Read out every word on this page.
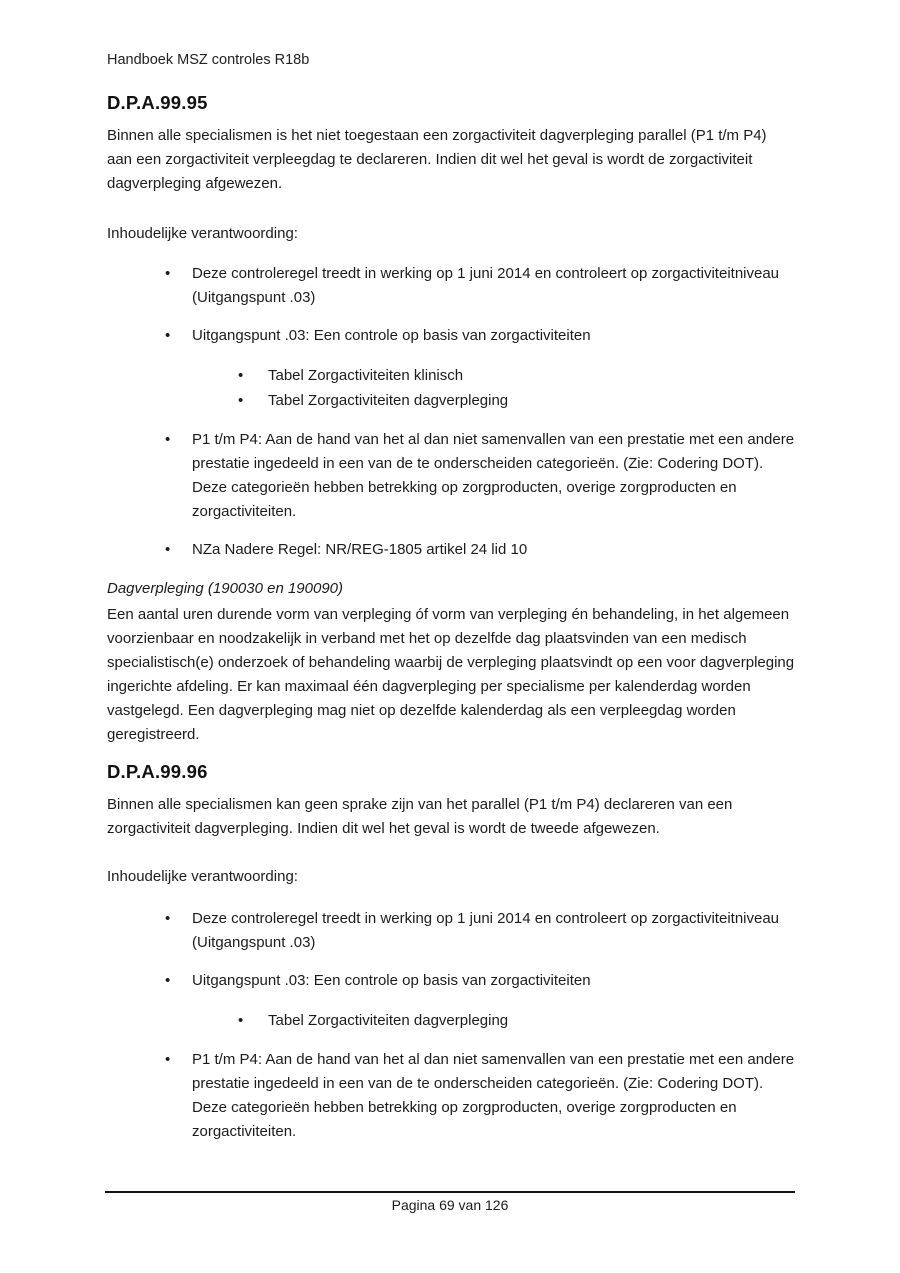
Handboek MSZ controles R18b
D.P.A.99.95

Binnen alle specialismen is het niet toegestaan een zorgactiviteit dagverpleging parallel (P1 t/m P4) aan een zorgactiviteit verpleegdag te declareren. Indien dit wel het geval is wordt de zorgactiviteit dagverpleging afgewezen.

Inhoudelijke verantwoording:

•	Deze controleregel treedt in werking op 1 juni 2014 en controleert op zorgactiviteitniveau (Uitgangspunt .03)
•	Uitgangspunt .03: Een controle op basis van zorgactiviteiten
•	Tabel Zorgactiviteiten klinisch
•	Tabel Zorgactiviteiten dagverpleging
•	P1 t/m P4: Aan de hand van het al dan niet samenvallen van een prestatie met een andere prestatie ingedeeld in een van de te onderscheiden categorieën. (Zie: Codering DOT). Deze categorieën hebben betrekking op zorgproducten, overige zorgproducten en zorgactiviteiten.
•	NZa Nadere Regel: NR/REG-1805 artikel 24 lid 10

Dagverpleging (190030 en 190090)

Een aantal uren durende vorm van verpleging óf vorm van verpleging én behandeling, in het algemeen voorzienbaar en noodzakelijk in verband met het op dezelfde dag plaatsvinden van een medisch specialistisch(e) onderzoek of behandeling waarbij de verpleging plaatsvindt op een voor dagverpleging ingerichte afdeling. Er kan maximaal één dagverpleging per specialisme per kalenderdag worden vastgelegd. Een dagverpleging mag niet op dezelfde kalenderdag als een verpleegdag worden geregistreerd.

D.P.A.99.96

Binnen alle specialismen kan geen sprake zijn van het parallel (P1 t/m P4) declareren van een zorgactiviteit dagverpleging. Indien dit wel het geval is wordt de tweede afgewezen.

Inhoudelijke verantwoording:

•	Deze controleregel treedt in werking op 1 juni 2014 en controleert op zorgactiviteitniveau (Uitgangspunt .03)
•	Uitgangspunt .03: Een controle op basis van zorgactiviteiten
•	Tabel Zorgactiviteiten dagverpleging
•	P1 t/m P4: Aan de hand van het al dan niet samenvallen van een prestatie met een andere prestatie ingedeeld in een van de te onderscheiden categorieën. (Zie: Codering DOT). Deze categorieën hebben betrekking op zorgproducten, overige zorgproducten en zorgactiviteiten.
Pagina 69 van 126
